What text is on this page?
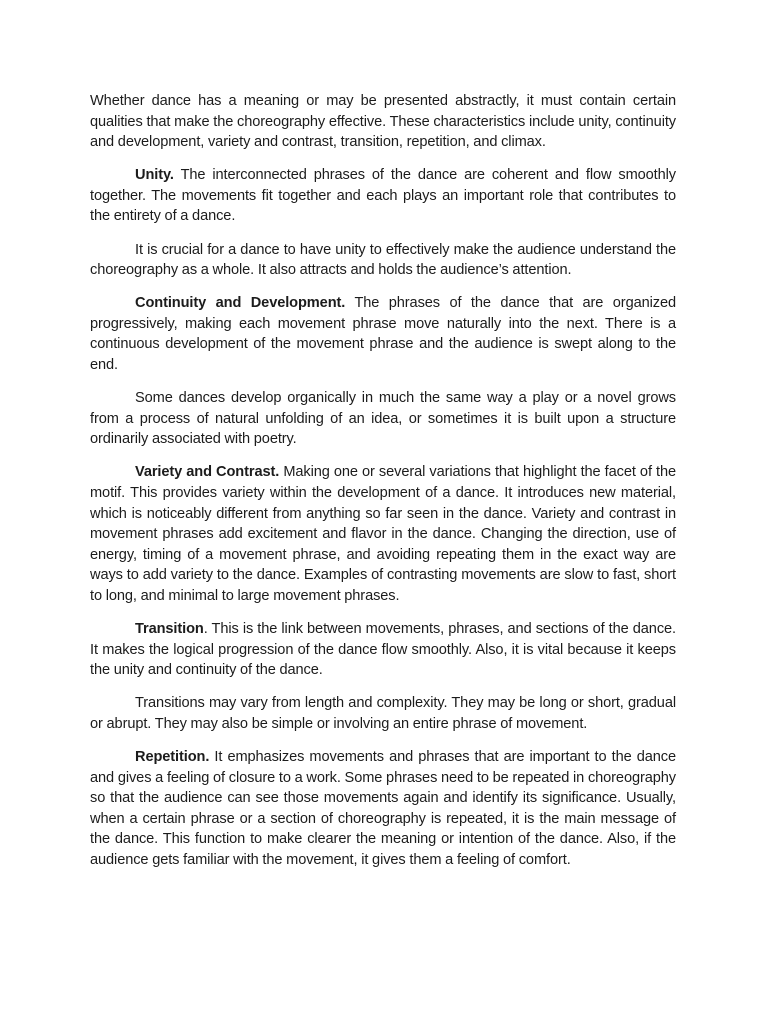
Whether dance has a meaning or may be presented abstractly, it must contain certain qualities that make the choreography effective. These characteristics include unity, continuity and development, variety and contrast, transition, repetition, and climax.

Unity. The interconnected phrases of the dance are coherent and flow smoothly together. The movements fit together and each plays an important role that contributes to the entirety of a dance.

It is crucial for a dance to have unity to effectively make the audience understand the choreography as a whole. It also attracts and holds the audience’s attention.

Continuity and Development. The phrases of the dance that are organized progressively, making each movement phrase move naturally into the next. There is a continuous development of the movement phrase and the audience is swept along to the end.

Some dances develop organically in much the same way a play or a novel grows from a process of natural unfolding of an idea, or sometimes it is built upon a structure ordinarily associated with poetry.

Variety and Contrast. Making one or several variations that highlight the facet of the motif. This provides variety within the development of a dance. It introduces new material, which is noticeably different from anything so far seen in the dance. Variety and contrast in movement phrases add excitement and flavor in the dance. Changing the direction, use of energy, timing of a movement phrase, and avoiding repeating them in the exact way are ways to add variety to the dance. Examples of contrasting movements are slow to fast, short to long, and minimal to large movement phrases.

Transition. This is the link between movements, phrases, and sections of the dance. It makes the logical progression of the dance flow smoothly. Also, it is vital because it keeps the unity and continuity of the dance.

Transitions may vary from length and complexity. They may be long or short, gradual or abrupt. They may also be simple or involving an entire phrase of movement.

Repetition. It emphasizes movements and phrases that are important to the dance and gives a feeling of closure to a work. Some phrases need to be repeated in choreography so that the audience can see those movements again and identify its significance. Usually, when a certain phrase or a section of choreography is repeated, it is the main message of the dance. This function to make clearer the meaning or intention of the dance. Also, if the audience gets familiar with the movement, it gives them a feeling of comfort.
